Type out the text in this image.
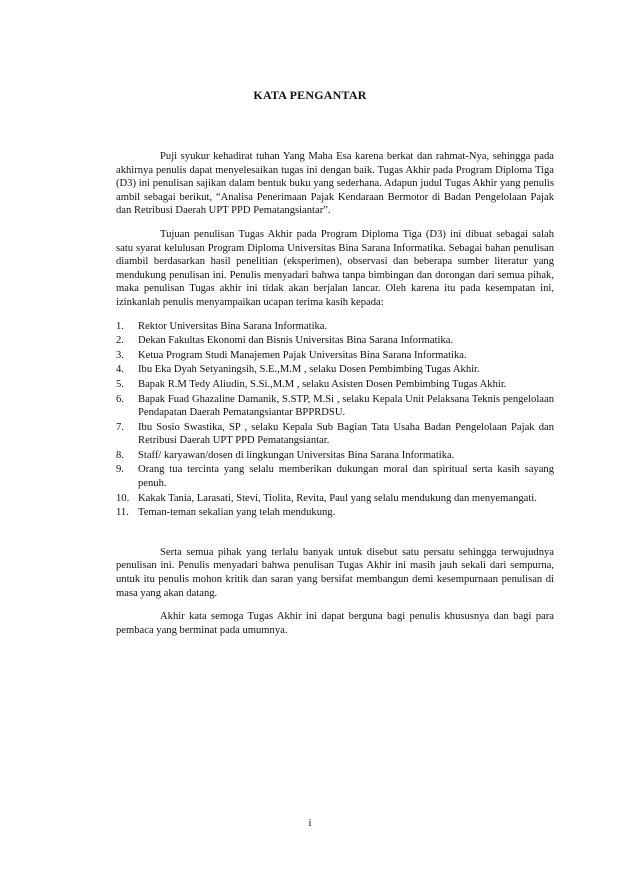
KATA PENGANTAR

Puji syukur kehadirat tuhan Yang Maha Esa karena berkat dan rahmat-Nya, sehingga pada akhirnya penulis dapat menyelesaikan tugas ini dengan baik. Tugas Akhir pada Program Diploma Tiga (D3) ini penulisan sajikan dalam bentuk buku yang sederhana. Adapun judul Tugas Akhir yang penulis ambil sebagai berikut, “Analisa Penerimaan Pajak Kendaraan Bermotor di Badan Pengelolaan Pajak dan Retribusi Daerah UPT PPD Pematangsiantar”.

Tujuan penulisan Tugas Akhir pada Program Diploma Tiga (D3) ini dibuat sebagai salah satu syarat kelulusan Program Diploma Universitas Bina Sarana Informatika. Sebagai bahan penulisan diambil berdasarkan hasil penelitian (eksperimen), observasi dan beberapa sumber literatur yang mendukung penulisan ini. Penulis menyadari bahwa tanpa bimbingan dan dorongan dari semua pihak, maka penulisan Tugas akhir ini tidak akan berjalan lancar. Oleh karena itu pada kesempatan ini, izinkanlah penulis menyampaikan ucapan terima kasih kepada:

1.	Rektor Universitas Bina Sarana Informatika.
2.	Dekan Fakultas Ekonomi dan Bisnis Universitas Bina Sarana Informatika.
3.	Ketua Program Studi Manajemen Pajak Universitas Bina Sarana Informatika.
4.	Ibu Eka Dyah Setyaningsih, S.E.,M.M , selaku Dosen Pembimbing Tugas Akhir.
5.	Bapak R.M Tedy Aliudin, S.Si.,M.M , selaku Asisten Dosen Pembimbing Tugas Akhir.
6.	Bapak Fuad Ghazaline Damanik, S.STP, M.Si , selaku Kepala Unit Pelaksana Teknis pengelolaan Pendapatan Daerah Pematangsiantar BPPRDSU.
7.	Ibu Sosio Swastika, SP , selaku Kepala Sub Bagian Tata Usaha Badan Pengelolaan Pajak dan Retribusi Daerah UPT PPD Pematangsiantar.
8.	Staff/ karyawan/dosen di lingkungan Universitas Bina Sarana Informatika.
9.	Orang tua tercinta yang selalu memberikan dukungan moral dan spiritual serta kasih sayang penuh.
10. Kakak Tania, Larasati, Stevi, Tiolita, Revita, Paul yang selalu mendukung dan menyemangati.
11. Teman-teman sekalian yang telah mendukung.

Serta semua pihak yang terlalu banyak untuk disebut satu persatu sehingga terwujudnya penulisan ini. Penulis menyadari bahwa penulisan Tugas Akhir ini masih jauh sekali dari sempurna, untuk itu penulis mohon kritik dan saran yang bersifat membangun demi kesempurnaan penulisan di masa yang akan datang.

Akhir kata semoga Tugas Akhir ini dapat berguna bagi penulis khususnya dan bagi para pembaca yang berminat pada umumnya.

i
